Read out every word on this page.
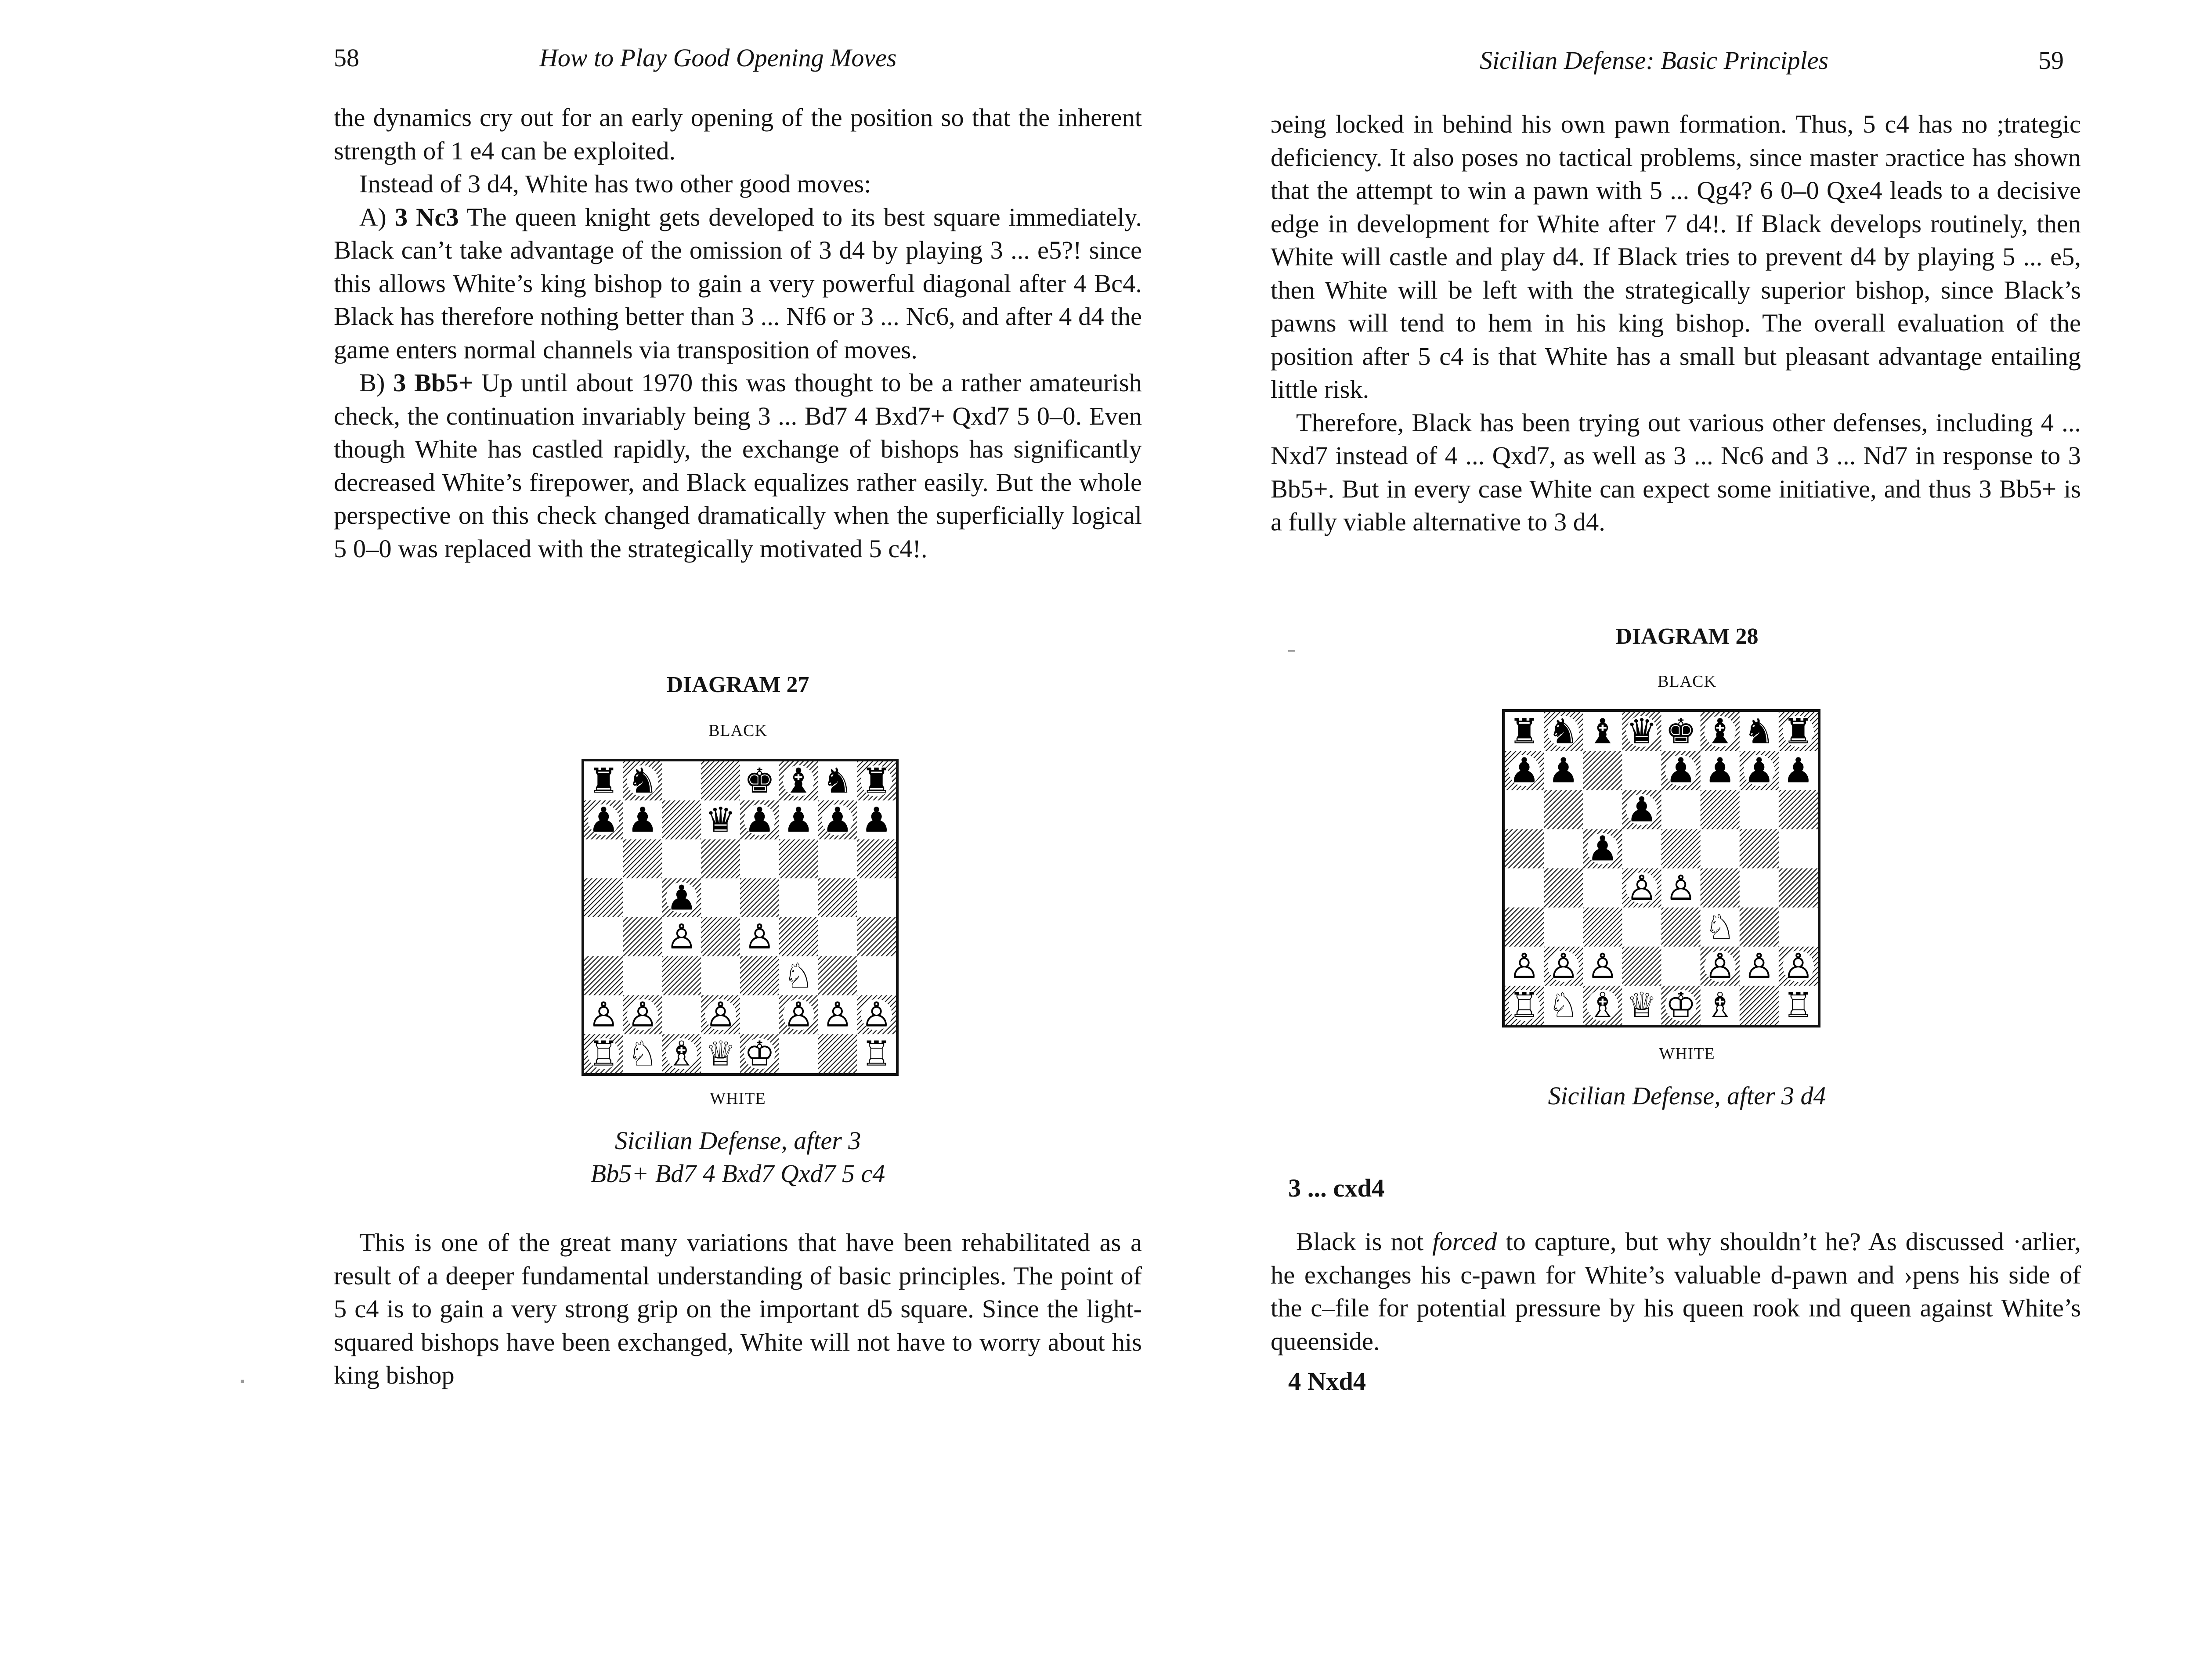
58	How to Play Good Opening Moves

the dynamics cry out for an early opening of the position so that the inherent strength of 1 e4 can be exploited.

Instead of 3 d4, White has two other good moves:

A) 3 Nc3 The queen knight gets developed to its best square immediately. Black can’t take advantage of the omission of 3 d4 by playing 3 ... e5?! since this allows White’s king bishop to gain a very powerful diagonal after 4 Bc4. Black has therefore nothing better than 3 ... Nf6 or 3 ... Nc6, and after 4 d4 the game enters normal channels via transposition of moves.

B) 3 Bb5+ Up until about 1970 this was thought to be a rather amateurish check, the continuation invariably being 3 ... Bd7 4 Bxd7+ Qxd7 5 0–0. Even though White has castled rapidly, the exchange of bishops has significantly decreased White’s firepower, and Black equalizes rather easily. But the whole perspective on this check changed dramatically when the superficially logical 5 0–0 was replaced with the strategically motivated 5 c4!.

DIAGRAM 27
BLACK
♜ ♞ ♚ ♝ ♞ ♜
♟ ♟ ♛ ♟ ♟ ♟ ♟
♟
♙ ♙
♘
♙ ♙ ♙ ♙ ♙ ♙
♖ ♘ ♗ ♕ ♔ ♖
WHITE
Sicilian Defense, after 3
Bb5+ Bd7 4 Bxd7 Qxd7 5 c4
This is one of the great many variations that have been rehabilitated as a result of a deeper fundamental understanding of basic principles. The point of 5 c4 is to gain a very strong grip on the important d5 square. Since the light-squared bishops have been exchanged, White will not have to worry about his king bishop
Sicilian Defense: Basic Principles	59

ɔeing locked in behind his own pawn formation. Thus, 5 c4 has no ;trategic deficiency. It also poses no tactical problems, since master ɔractice has shown that the attempt to win a pawn with 5 ... Qg4? 6 0–0 Qxe4 leads to a decisive edge in development for White after 7 d4!. If Black develops routinely, then White will castle and play d4. If Black tries to prevent d4 by playing 5 ... e5, then White will be left with the strategically superior bishop, since Black’s pawns will tend to hem in his king bishop. The overall evaluation of the position after 5 c4 is that White has a small but pleasant advantage entailing little risk.

Therefore, Black has been trying out various other defenses, including 4 ... Nxd7 instead of 4 ... Qxd7, as well as 3 ... Nc6 and 3 ... Nd7 in response to 3 Bb5+. But in every case White can expect some initiative, and thus 3 Bb5+ is a fully viable alternative to 3 d4.

DIAGRAM 28
BLACK
♜ ♞ ♝ ♛ ♚ ♝ ♞ ♜
♟ ♟ ♟ ♟ ♟ ♟
♟
♟
♙ ♙
♘
♙ ♙ ♙ ♙ ♙ ♙
♖ ♘ ♗ ♕ ♔ ♗ ♖
WHITE
Sicilian Defense, after 3 d4
3 ... cxd4

Black is not forced to capture, but why shouldn’t he? As discussed ·arlier, he exchanges his c-pawn for White’s valuable d-pawn and ›pens his side of the c–file for potential pressure by his queen rook ınd queen against White’s queenside.

4 Nxd4
